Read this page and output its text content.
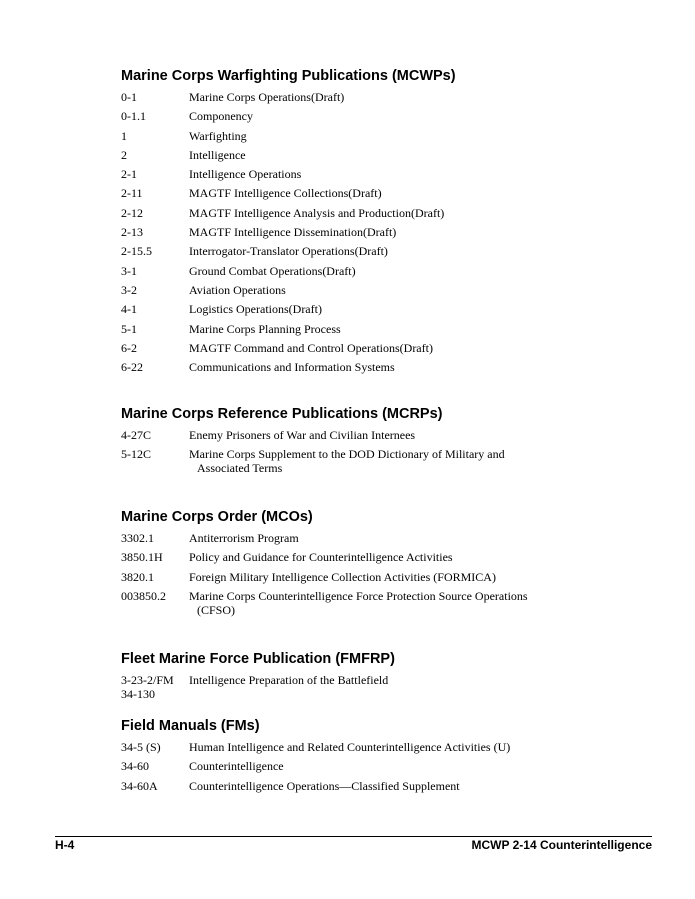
Marine Corps Warfighting Publications (MCWPs)
0-1	Marine Corps Operations(Draft)
0-1.1	Componency
1	Warfighting
2	Intelligence
2-1	Intelligence Operations
2-11	MAGTF Intelligence Collections(Draft)
2-12	MAGTF Intelligence Analysis and Production(Draft)
2-13	MAGTF Intelligence Dissemination(Draft)
2-15.5	Interrogator-Translator Operations(Draft)
3-1	Ground Combat Operations(Draft)
3-2	Aviation Operations
4-1	Logistics Operations(Draft)
5-1	Marine Corps Planning Process
6-2	MAGTF Command and Control Operations(Draft)
6-22	Communications and Information Systems
Marine Corps Reference Publications (MCRPs)
4-27C	Enemy Prisoners of War and Civilian Internees
5-12C	Marine Corps Supplement to the DOD Dictionary of Military and
Associated Terms
Marine Corps Order (MCOs)
3302.1	Antiterrorism Program
3850.1H	Policy and Guidance for Counterintelligence Activities
3820.1	Foreign Military Intelligence Collection Activities (FORMICA)
003850.2	Marine Corps Counterintelligence Force Protection Source Operations
(CFSO)
Fleet Marine Force Publication (FMFRP)
3-23-2/FM	Intelligence Preparation of the Battlefield
34-130
Field Manuals (FMs)
34-5 (S)	Human Intelligence and Related Counterintelligence Activities (U)
34-60	Counterintelligence
34-60A	Counterintelligence Operations—Classified Supplement
H-4	MCWP 2-14 Counterintelligence
